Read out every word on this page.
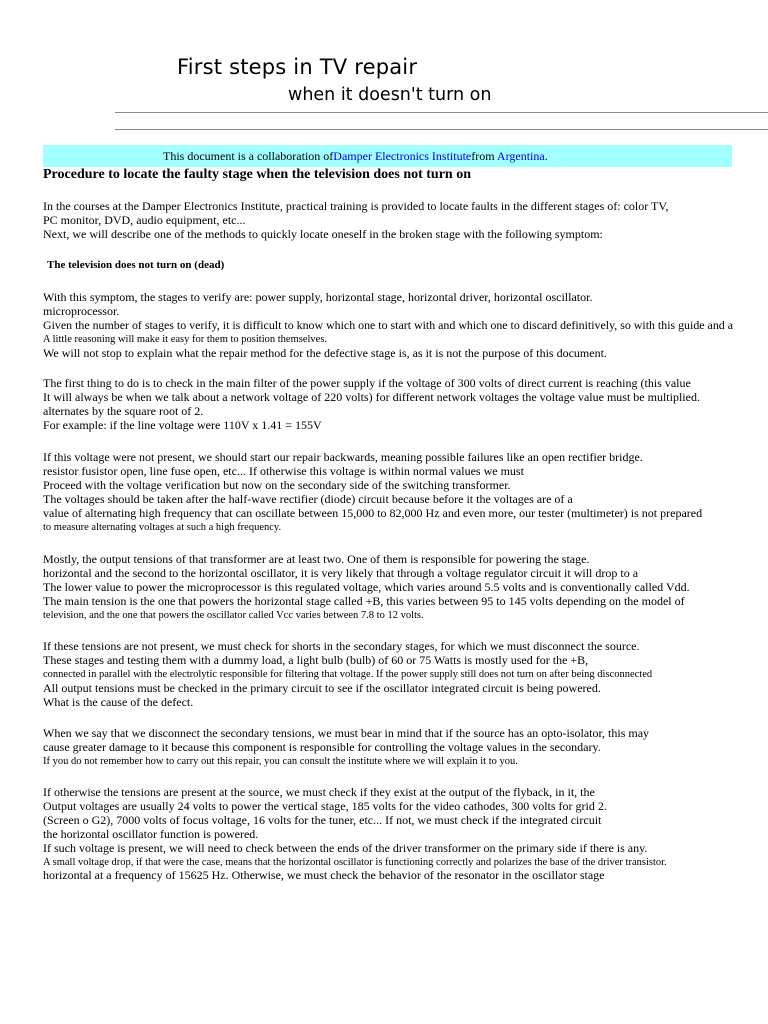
First steps in TV repair
when it doesn't turn on
This document is a collaboration ofDamper Electronics Institutefrom Argentina.
Procedure to locate the faulty stage when the television does not turn on
In the courses at the Damper Electronics Institute, practical training is provided to locate faults in the different stages of: color TV,
PC monitor, DVD, audio equipment, etc...
Next, we will describe one of the methods to quickly locate oneself in the broken stage with the following symptom:
The television does not turn on (dead)
With this symptom, the stages to verify are: power supply, horizontal stage, horizontal driver, horizontal oscillator.
microprocessor.
Given the number of stages to verify, it is difficult to know which one to start with and which one to discard definitively, so with this guide and a
A little reasoning will make it easy for them to position themselves.
We will not stop to explain what the repair method for the defective stage is, as it is not the purpose of this document.
The first thing to do is to check in the main filter of the power supply if the voltage of 300 volts of direct current is reaching (this value
It will always be when we talk about a network voltage of 220 volts) for different network voltages the voltage value must be multiplied.
alternates by the square root of 2.
For example: if the line voltage were 110V x 1.41 = 155V
If this voltage were not present, we should start our repair backwards, meaning possible failures like an open rectifier bridge.
resistor fusistor open, line fuse open, etc... If otherwise this voltage is within normal values we must
Proceed with the voltage verification but now on the secondary side of the switching transformer.
The voltages should be taken after the half-wave rectifier (diode) circuit because before it the voltages are of a
value of alternating high frequency that can oscillate between 15,000 to 82,000 Hz and even more, our tester (multimeter) is not prepared
to measure alternating voltages at such a high frequency.
Mostly, the output tensions of that transformer are at least two. One of them is responsible for powering the stage.
horizontal and the second to the horizontal oscillator, it is very likely that through a voltage regulator circuit it will drop to a
The lower value to power the microprocessor is this regulated voltage, which varies around 5.5 volts and is conventionally called Vdd.
The main tension is the one that powers the horizontal stage called +B, this varies between 95 to 145 volts depending on the model of
television, and the one that powers the oscillator called Vcc varies between 7.8 to 12 volts.
If these tensions are not present, we must check for shorts in the secondary stages, for which we must disconnect the source.
These stages and testing them with a dummy load, a light bulb (bulb) of 60 or 75 Watts is mostly used for the +B,
connected in parallel with the electrolytic responsible for filtering that voltage. If the power supply still does not turn on after being disconnected
All output tensions must be checked in the primary circuit to see if the oscillator integrated circuit is being powered.
What is the cause of the defect.
When we say that we disconnect the secondary tensions, we must bear in mind that if the source has an opto-isolator, this may
cause greater damage to it because this component is responsible for controlling the voltage values in the secondary.
If you do not remember how to carry out this repair, you can consult the institute where we will explain it to you.
If otherwise the tensions are present at the source, we must check if they exist at the output of the flyback, in it, the
Output voltages are usually 24 volts to power the vertical stage, 185 volts for the video cathodes, 300 volts for grid 2.
(Screen o G2), 7000 volts of focus voltage, 16 volts for the tuner, etc... If not, we must check if the integrated circuit
the horizontal oscillator function is powered.
If such voltage is present, we will need to check between the ends of the driver transformer on the primary side if there is any.
A small voltage drop, if that were the case, means that the horizontal oscillator is functioning correctly and polarizes the base of the driver transistor.
horizontal at a frequency of 15625 Hz. Otherwise, we must check the behavior of the resonator in the oscillator stage
